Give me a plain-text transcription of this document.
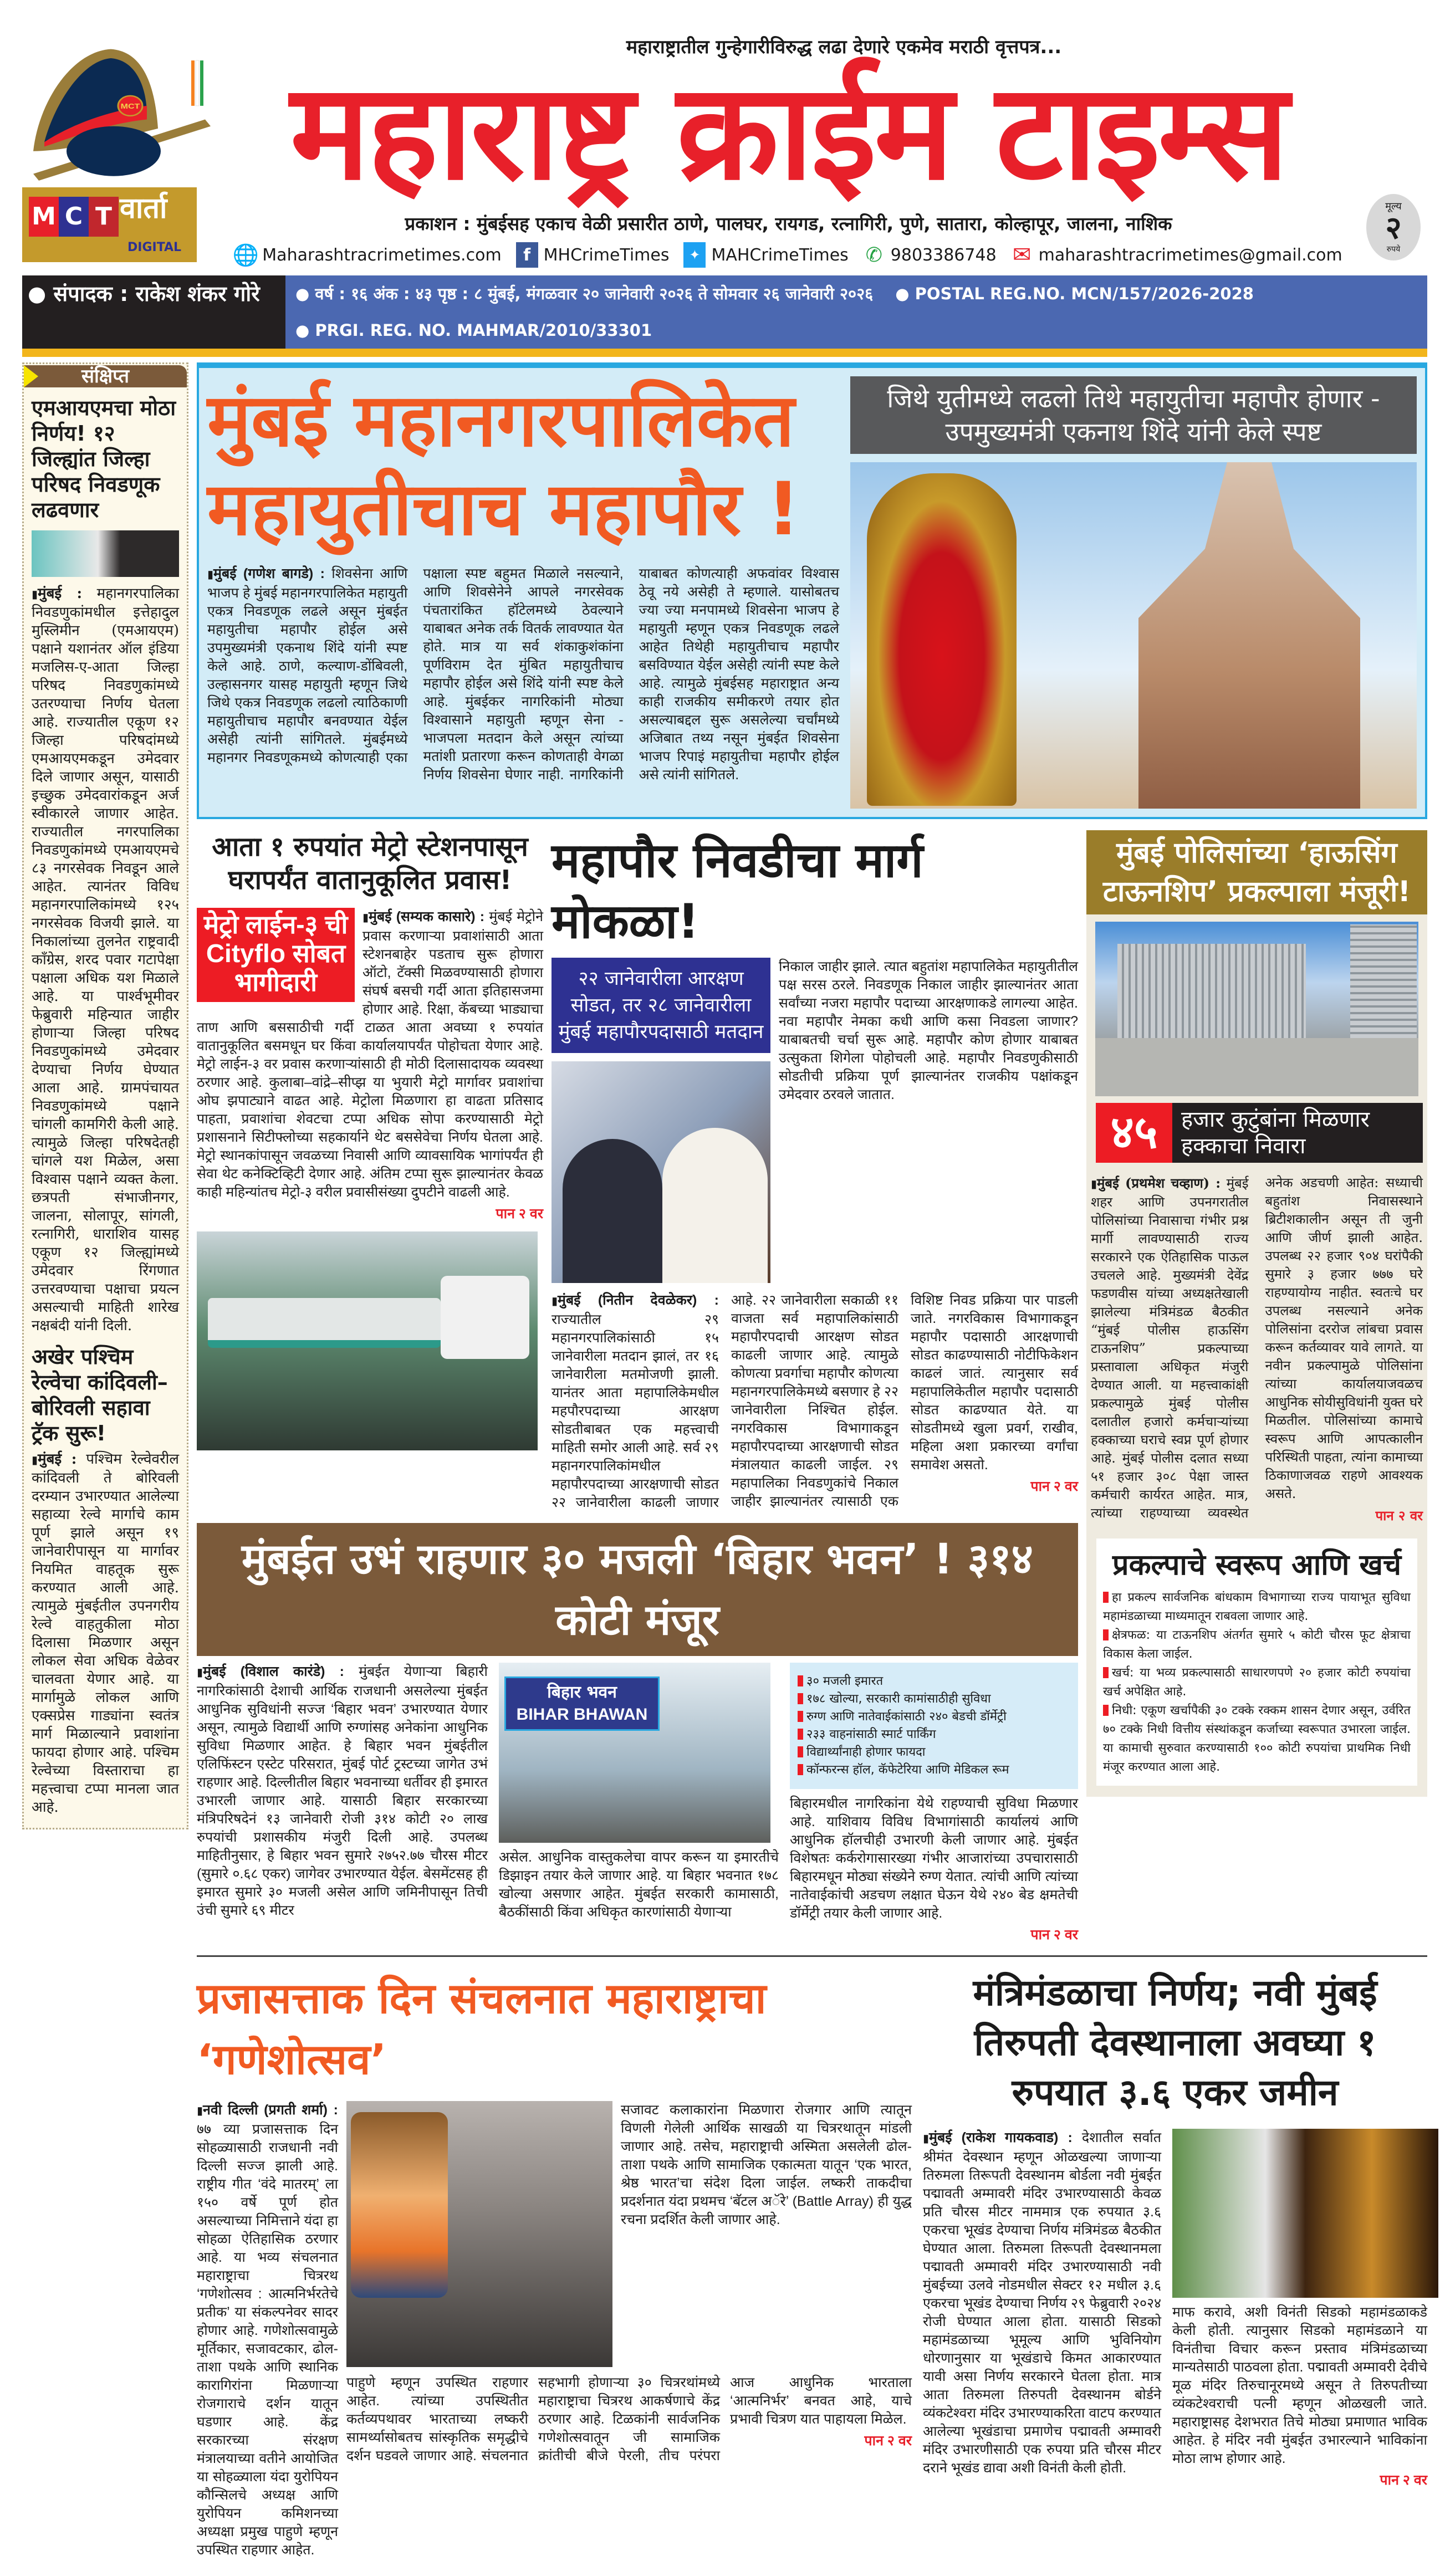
MCT
M C T वार्ता
DIGITAL
महाराष्ट्रातील गुन्हेगारीविरुद्ध लढा देणारे एकमेव मराठी वृत्तपत्र...
महाराष्ट्र क्राईम टाइम्स
प्रकाशन : मुंबईसह एकाच वेळी प्रसारीत ठाणे, पालघर, रायगड, रत्नागिरी, पुणे, सातारा, कोल्हापूर, जालना, नाशिक
🌐 Maharashtracrimetimes.com	f MHCrimeTimes	✦ MAHCrimeTimes ✆ 9803386748 ✉ maharashtracrimetimes@gmail.com
मूल्य
२
रुपये
● संपादक : राकेश शंकर गोरे	● वर्ष : १६ अंक : ४३ पृष्ठ : ८ मुंबई, मंगळवार २० जानेवारी २०२६ ते सोमवार २६ जानेवारी २०२६ ● POSTAL REG.NO. MCN/157/2026-2028
● PRGI. REG. NO. MAHMAR/2010/33301
संक्षिप्त
एमआयएमचा मोठा निर्णय! १२ जिल्ह्यांत जिल्हा परिषद निवडणूक लढवणार
▮ मुंबई : महानगरपालिका निवडणुकांमधील इत्तेहादुल मुस्लिमीन (एमआयएम) पक्षाने यशानंतर ऑल इंडिया मजलिस-ए-आता जिल्हा परिषद निवडणुकांमध्ये उतरण्याचा निर्णय घेतला आहे. राज्यातील एकूण १२ जिल्हा परिषदांमध्ये एमआयएमकडून उमेदवार दिले जाणार असून, यासाठी इच्छुक उमेदवारांकडून अर्ज स्वीकारले जाणार आहेत. राज्यातील नगरपालिका निवडणुकांमध्ये एमआयएमचे ८३ नगरसेवक निवडून आले आहेत. त्यानंतर विविध महानगरपालिकांमध्ये १२५ नगरसेवक विजयी झाले. या निकालांच्या तुलनेत राष्ट्रवादी काँग्रेस, शरद पवार गटापेक्षा पक्षाला अधिक यश मिळाले आहे. या पार्श्वभूमीवर फेब्रुवारी महिन्यात जाहीर होणाऱ्या जिल्हा परिषद निवडणुकांमध्ये उमेदवार देण्याचा निर्णय घेण्यात आला आहे. ग्रामपंचायत निवडणुकांमध्ये पक्षाने चांगली कामगिरी केली आहे. त्यामुळे जिल्हा परिषदेतही चांगले यश मिळेल, असा विश्वास पक्षाने व्यक्त केला. छत्रपती संभाजीनगर, जालना, सोलापूर, सांगली, रत्नागिरी, धाराशिव यासह एकूण १२ जिल्ह्यांमध्ये उमेदवार रिंगणात उत्तरवण्याचा पक्षाचा प्रयत्न असल्याची माहिती शारेख नक्षबंदी यांनी दिली.
अखेर पश्चिम रेल्वेचा कांदिवली–बोरिवली सहावा ट्रॅक सुरू!
▮ मुंबई : पश्चिम रेल्वेवरील कांदिवली ते बोरिवली दरम्यान उभारण्यात आलेल्या सहाव्या रेल्वे मार्गाचे काम पूर्ण झाले असून १९ जानेवारीपासून या मार्गावर नियमित वाहतूक सुरू करण्यात आली आहे. त्यामुळे मुंबईतील उपनगरीय रेल्वे वाहतुकीला मोठा दिलासा मिळणार असून लोकल सेवा अधिक वेळेवर चालवता येणार आहे. या मार्गामुळे लोकल आणि एक्सप्रेस गाड्यांना स्वतंत्र मार्ग मिळाल्याने प्रवाशांना फायदा होणार आहे. पश्चिम रेल्वेच्या विस्ताराचा हा महत्त्वाचा टप्पा मानला जात आहे.
मुंबई महानगरपालिकेत महायुतीचाच महापौर !
▮ मुंबई (गणेश बागडे) : शिवसेना आणि भाजप हे मुंबई महानगरपालिकेत महायुती एकत्र निवडणूक लढले असून मुंबईत महायुतीचा महापौर होईल असे उपमुख्यमंत्री एकनाथ शिंदे यांनी स्पष्ट केले आहे. ठाणे, कल्याण-डोंबिवली, उल्हासनगर यासह महायुती म्हणून जिथे जिथे एकत्र निवडणूक लढलो त्याठिकाणी महायुतीचाच महापौर बनवण्यात येईल असेही त्यांनी सांगितले. मुंबईमध्ये महानगर निवडणूकमध्ये कोणत्याही एका पक्षाला स्पष्ट बहुमत मिळाले नसल्याने, आणि शिवसेनेने आपले नगरसेवक पंचतारांकित हॉटेलमध्ये ठेवल्याने याबाबत अनेक तर्क वितर्क लावण्यात येत होते. मात्र या सर्व शंकाकुशंकांना पूर्णविराम देत मुंबित महायुतीचाच महापौर होईल असे शिंदे यांनी स्पष्ट केले आहे. मुंबईकर नागरिकांनी मोठ्या विश्वासाने महायुती म्हणून सेना - भाजपला मतदान केले असून त्यांच्या मतांशी प्रतारणा करून कोणताही वेगळा निर्णय शिवसेना घेणार नाही. नागरिकांनी याबाबत कोणत्याही अफवांवर विश्वास ठेवू नये असेही ते म्हणाले. यासोबतच ज्या ज्या मनपामध्ये शिवसेना भाजप हे महायुती म्हणून एकत्र निवडणूक लढले आहेत तिथेही महायुतीचाच महापौर बसविण्यात येईल असेही त्यांनी स्पष्ट केले आहे. त्यामुळे मुंबईसह महाराष्ट्रात अन्य काही राजकीय समीकरणे तयार होत असल्याबद्दल सुरू असलेल्या चर्चांमध्ये अजिबात तथ्य नसून मुंबईत शिवसेना भाजप रिपाइं महायुतीचा महापौर होईल असे त्यांनी सांगितले.
जिथे युतीमध्ये लढलो तिथे महायुतीचा महापौर होणार - उपमुख्यमंत्री एकनाथ शिंदे यांनी केले स्पष्ट
आता १ रुपयांत मेट्रो स्टेशनपासून घरापर्यंत वातानुकूलित प्रवास!
मेट्रो लाईन-३ ची Cityflo सोबत भागीदारी
▮ मुंबई (सम्यक कासारे) : मुंबई मेट्रोने प्रवास करणाऱ्या प्रवाशांसाठी आता स्टेशनबाहेर पडताच सुरू होणारा ऑटो, टॅक्सी मिळवण्यासाठी होणारा संघर्ष बसची गर्दी आता इतिहासजमा होणार आहे. रिक्षा, कॅबच्या भाड्याचा ताण आणि बससाठीची गर्दी टाळत आता अवघ्या १ रुपयांत वातानुकूलित बसमधून घर किंवा कार्यालयापर्यंत पोहोचता येणार आहे. मेट्रो लाईन-३ वर प्रवास करणाऱ्यांसाठी ही मोठी दिलासादायक व्यवस्था ठरणार आहे. कुलाबा–वांद्रे–सीप्झ या भुयारी मेट्रो मार्गावर प्रवाशांचा ओघ झपाट्याने वाढत आहे. मेट्रोला मिळणारा हा वाढता प्रतिसाद पाहता, प्रवाशांचा शेवटचा टप्पा अधिक सोपा करण्यासाठी मेट्रो प्रशासनाने सिटीफ्लोच्या सहकार्याने थेट बससेवेचा निर्णय घेतला आहे. मेट्रो स्थानकांपासून जवळच्या निवासी आणि व्यावसायिक भागांपर्यंत ही सेवा थेट कनेक्टिव्हिटी देणार आहे. अंतिम टप्पा सुरू झाल्यानंतर केवळ काही महिन्यांतच मेट्रो-३ वरील प्रवासीसंख्या दुपटीने वाढली आहे.
पान २ वर
महापौर निवडीचा मार्ग मोकळा!
२२ जानेवारीला आरक्षण सोडत, तर २८ जानेवारीला मुंबई महापौरपदासाठी मतदान
निकाल जाहीर झाले. त्यात बहुतांश महापालिकेत महायुतीतील पक्ष सरस ठरले. निवडणूक निकाल जाहीर झाल्यानंतर आता सर्वांच्या नजरा महापौर पदाच्या आरक्षणाकडे लागल्या आहेत. नवा महापौर नेमका कधी आणि कसा निवडला जाणार? याबाबतची चर्चा सुरू आहे. महापौर कोण होणार याबाबत उत्सुकता शिगेला पोहोचली आहे. महापौर निवडणुकीसाठी सोडतीची प्रक्रिया पूर्ण झाल्यानंतर राजकीय पक्षांकडून उमेदवार ठरवले जातात.
▮ मुंबई (नितीन देवळेकर) : राज्यातील २९ महानगरपालिकांसाठी १५ जानेवारीला मतदान झालं, तर १६ जानेवारीला मतमोजणी झाली. यानंतर आता महापालिकेमधील महपौरपदाच्या आरक्षण सोडतीबाबत एक महत्त्वाची माहिती समोर आली आहे. सर्व २९ महानगरपालिकांमधील महापौरपदाच्या आरक्षणाची सोडत २२ जानेवारीला काढली जाणार आहे. २२ जानेवारीला सकाळी ११ वाजता सर्व महापालिकांसाठी महापौरपदाची आरक्षण सोडत काढली जाणार आहे. त्यामुळे कोणत्या प्रवर्गाचा महापौर कोणत्या महानगरपालिकेमध्ये बसणार हे २२ जानेवारीला निश्चित होईल. नगरविकास विभागाकडून महापौरपदाच्या आरक्षणाची सोडत मंत्रालयात काढली जाईल. २९ महापालिका निवडणुकांचे निकाल जाहीर झाल्यानंतर त्यासाठी एक विशिष्ट निवड प्रक्रिया पार पाडली जाते. नगरविकास विभागाकडून महापौर पदासाठी आरक्षणाची सोडत काढण्यासाठी नोटीफिकेशन काढलं जातं. त्यानुसार सर्व महापालिकेतील महापौर पदासाठी सोडत काढण्यात येते. या सोडतीमध्ये खुला प्रवर्ग, राखीव, महिला अशा प्रकारच्या वर्गांचा समावेश असतो.
पान २ वर
मुंबईत उभं राहणार ३० मजली ‘बिहार भवन’ ! ३१४ कोटी मंजूर
▮ मुंबई (विशाल कारंडे) : मुंबईत येणाऱ्या बिहारी नागरिकांसाठी देशाची आर्थिक राजधानी असलेल्या मुंबईत आधुनिक सुविधांनी सज्ज ‘बिहार भवन’ उभारण्यात येणार असून, त्यामुळे विद्यार्थी आणि रुग्णांसह अनेकांना आधुनिक सुविधा मिळणार आहेत. हे बिहार भवन मुंबईतील एलिफिंस्टन एस्टेट परिसरात, मुंबई पोर्ट ट्रस्टच्या जागेत उभं राहणार आहे. दिल्लीतील बिहार भवनाच्या धर्तीवर ही इमारत उभारली जाणार आहे. यासाठी बिहार सरकारच्या मंत्रिपरिषदेनं १३ जानेवारी रोजी ३१४ कोटी २० लाख रुपयांची प्रशासकीय मंजुरी दिली आहे. उपलब्ध माहितीनुसार, हे बिहार भवन सुमारे २७५२.७७ चौरस मीटर (सुमारे ०.६८ एकर) जागेवर उभारण्यात येईल. बेसमेंटसह ही इमारत सुमारे ३० मजली असेल आणि जमिनीपासून तिची उंची सुमारे ६९ मीटर
बिहार भवन
BIHAR BHAWAN
असेल. आधुनिक वास्तुकलेचा वापर करून या इमारतीचे डिझाइन तयार केले जाणार आहे. या बिहार भवनात १७८ खोल्या असणार आहेत. मुंबईत सरकारी कामासाठी, बैठकींसाठी किंवा अधिकृत कारणांसाठी येणाऱ्या
३० मजली इमारत
१७८ खोल्या, सरकारी कामांसाठीही सुविधा
रुग्ण आणि नातेवाईकांसाठी २४० बेडची डॉर्मेट्री
२३३ वाहनांसाठी स्मार्ट पार्किंग
विद्यार्थ्यांनाही होणार फायदा
कॉन्फरन्स हॉल, कॅफेटेरिया आणि मेडिकल रूम
बिहारमधील नागरिकांना येथे राहण्याची सुविधा मिळणार आहे. याशिवाय विविध विभागांसाठी कार्यालयं आणि आधुनिक हॉलचीही उभारणी केली जाणार आहे. मुंबईत विशेषतः कर्करोगासारख्या गंभीर आजारांच्या उपचारासाठी बिहारमधून मोठ्या संख्येने रुग्ण येतात. त्यांची आणि त्यांच्या नातेवाईकांची अडचण लक्षात घेऊन येथे २४० बेड क्षमतेची डॉर्मेट्री तयार केली जाणार आहे.
पान २ वर
मुंबई पोलिसांच्या ‘हाऊसिंग टाऊनशिप’ प्रकल्पाला मंजूरी!
४५	हजार कुटुंबांना मिळणार हक्काचा निवारा
▮ मुंबई (प्रथमेश चव्हाण) : मुंबई शहर आणि उपनगरातील पोलिसांच्या निवासाचा गंभीर प्रश्न मार्गी लावण्यासाठी राज्य सरकारने एक ऐतिहासिक पाऊल उचलले आहे. मुख्यमंत्री देवेंद्र फडणवीस यांच्या अध्यक्षतेखाली झालेल्या मंत्रिमंडळ बैठकीत “मुंबई पोलीस हाऊसिंग टाऊनशिप” प्रकल्पाच्या प्रस्तावाला अधिकृत मंजुरी देण्यात आली. या महत्त्वाकांक्षी प्रकल्पामुळे मुंबई पोलीस दलातील हजारो कर्मचाऱ्यांच्या हक्काच्या घराचे स्वप्न पूर्ण होणार आहे. मुंबई पोलीस दलात सध्या ५१ हजार ३०८ पेक्षा जास्त कर्मचारी कार्यरत आहेत. मात्र, त्यांच्या राहण्याच्या व्यवस्थेत अनेक अडचणी आहेत: सध्याची बहुतांश निवासस्थाने ब्रिटीशकालीन असून ती जुनी आणि जीर्ण झाली आहेत. उपलब्ध २२ हजार ९०४ घरांपैकी सुमारे ३ हजार ७७७ घरे राहण्यायोग्य नाहीत. स्वतःचे घर उपलब्ध नसल्याने अनेक पोलिसांना दररोज लांबचा प्रवास करून कर्तव्यावर यावे लागते. या नवीन प्रकल्पामुळे पोलिसांना त्यांच्या कार्यालयाजवळच आधुनिक सोयीसुविधांनी युक्त घरे मिळतील. पोलिसांच्या कामाचे स्वरूप आणि आपत्कालीन परिस्थिती पाहता, त्यांना कामाच्या ठिकाणाजवळ राहणे आवश्यक असते.
पान २ वर
प्रकल्पाचे स्वरूप आणि खर्च
हा प्रकल्प सार्वजनिक बांधकाम विभागाच्या राज्य पायाभूत सुविधा महामंडळाच्या माध्यमातून राबवला जाणार आहे.
क्षेत्रफळ: या टाऊनशिप अंतर्गत सुमारे ५ कोटी चौरस फूट क्षेत्राचा विकास केला जाईल.
खर्च: या भव्य प्रकल्पासाठी साधारणपणे २० हजार कोटी रुपयांचा खर्च अपेक्षित आहे.
निधी: एकूण खर्चापैकी ३० टक्के रक्कम शासन देणार असून, उर्वरित ७० टक्के निधी वित्तीय संस्थांकडून कर्जाच्या स्वरूपात उभारला जाईल. या कामाची सुरुवात करण्यासाठी १०० कोटी रुपयांचा प्राथमिक निधी मंजूर करण्यात आला आहे.
प्रजासत्ताक दिन संचलनात महाराष्ट्राचा ‘गणेशोत्सव’
▮ नवी दिल्ली (प्रगती शर्मा) : ७७ व्या प्रजासत्ताक दिन सोहळ्यासाठी राजधानी नवी दिल्ली सज्ज झाली आहे. राष्ट्रीय गीत ‘वंदे मातरम्’ ला १५० वर्षे पूर्ण होत असल्याच्या निमित्ताने यंदा हा सोहळा ऐतिहासिक ठरणार आहे. या भव्य संचलनात महाराष्ट्राचा चित्ररथ ‘गणेशोत्सव : आत्मनिर्भरतेचे प्रतीक’ या संकल्पनेवर सादर होणार आहे. गणेशोत्सवामुळे मूर्तिकार, सजावटकार, ढोल-ताशा पथके आणि स्थानिक कारागिरांना मिळणाऱ्या रोजगाराचे दर्शन यातून घडणार आहे. केंद्र सरकारच्या संरक्षण मंत्रालयाच्या वतीने आयोजित या सोहळ्याला यंदा युरोपियन कौन्सिलचे अध्यक्ष आणि युरोपियन कमिशनच्या अध्यक्षा प्रमुख पाहुणे म्हणून उपस्थित राहणार आहेत.
सजावट कलाकारांना मिळणारा रोजगार आणि त्यातून विणली गेलेली आर्थिक साखळी या चित्ररथातून मांडली जाणार आहे. तसेच, महाराष्ट्राची अस्मिता असलेली ढोल-ताशा पथके आणि सामाजिक एकात्मता यातून ‘एक भारत, श्रेष्ठ भारत’चा संदेश दिला जाईल. लष्करी ताकदीचा प्रदर्शनात यंदा प्रथमच ‘बॅटल अॅरे’ (Battle Array) ही युद्ध रचना प्रदर्शित केली जाणार आहे.
पाहुणे म्हणून उपस्थित राहणार आहेत. त्यांच्या उपस्थितीत कर्तव्यपथावर भारताच्या लष्करी सामर्थ्यासोबतच सांस्कृतिक समृद्धीचे दर्शन घडवले जाणार आहे. संचलनात सहभागी होणाऱ्या ३० चित्ररथांमध्ये महाराष्ट्राचा चित्ररथ आकर्षणाचे केंद्र ठरणार आहे. टिळकांनी सार्वजनिक गणेशोत्सवातून जी सामाजिक क्रांतीची बीजे पेरली, तीच परंपरा आज आधुनिक भारताला ‘आत्मनिर्भर’ बनवत आहे, याचे प्रभावी चित्रण यात पाहायला मिळेल.
पान २ वर
मंत्रिमंडळाचा निर्णय; नवी मुंबई तिरुपती देवस्थानाला अवघ्या १ रुपयात ३.६ एकर जमीन
▮ मुंबई (राकेश गायकवाड) : देशातील सर्वात श्रीमंत देवस्थान म्हणून ओळखल्या जाणाऱ्या तिरुमला तिरूपती देवस्थानम बोर्डला नवी मुंबईत पद्मावती अम्मावरी मंदिर उभारण्यासाठी केवळ प्रति चौरस मीटर नाममात्र एक रुपयात ३.६ एकरचा भूखंड देण्याचा निर्णय मंत्रिमंडळ बैठकीत घेण्यात आला. तिरुमला तिरूपती देवस्थानमला पद्मावती अम्मावरी मंदिर उभारण्यासाठी नवी मुंबईच्या उलवे नोडमधील सेक्टर १२ मधील ३.६ एकरचा भूखंड देण्याचा निर्णय २९ फेब्रुवारी २०२४ रोजी घेण्यात आला होता. यासाठी सिडको महामंडळाच्या भूमूल्य आणि भुविनियोग धोरणानुसार या भूखंडाचे किमत आकारण्यात यावी असा निर्णय सरकारने घेतला होता. मात्र आता तिरुमला तिरुपती देवस्थानम बोर्डने व्यंकटेश्वरा मंदिर उभारण्याकरिता वाटप करण्यात आलेल्या भूखंडाचा प्रमाणेच पद्मावती अम्मावरी मंदिर उभारणीसाठी एक रुपया प्रति चौरस मीटर दराने भूखंड द्यावा अशी विनंती केली होती.
माफ करावे, अशी विनंती सिडको महामंडळाकडे केली होती. त्यानुसार सिडको महामंडळाने या विनंतीचा विचार करून प्रस्ताव मंत्रिमंडळाच्या मान्यतेसाठी पाठवला होता. पद्मावती अम्मावरी देवीचे मूळ मंदिर तिरुचानूरमध्ये असून ते तिरुपतीच्या व्यंकटेश्वराची पत्नी म्हणून ओळखली जाते. महाराष्ट्रासह देशभरात तिचे मोठ्या प्रमाणात भाविक आहेत. हे मंदिर नवी मुंबईत उभारल्याने भाविकांना मोठा लाभ होणार आहे.
पान २ वर
